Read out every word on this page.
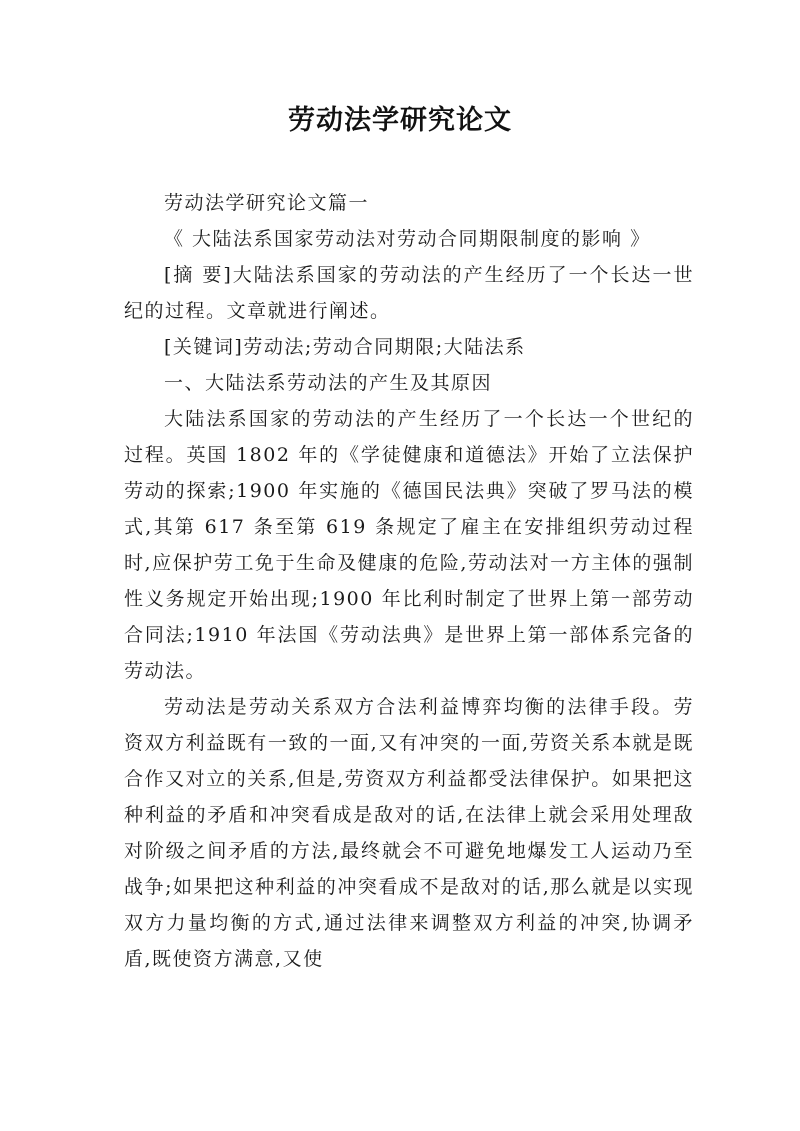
劳动法学研究论文

劳动法学研究论文篇一

《 大陆法系国家劳动法对劳动合同期限制度的影响 》

[摘 要]大陆法系国家的劳动法的产生经历了一个长达一世纪的过程。文章就进行阐述。

[关键词]劳动法;劳动合同期限;大陆法系

一、大陆法系劳动法的产生及其原因

大陆法系国家的劳动法的产生经历了一个长达一个世纪的过程。英国 1802 年的《学徒健康和道德法》开始了立法保护劳动的探索;1900 年实施的《德国民法典》突破了罗马法的模式,其第 617 条至第 619 条规定了雇主在安排组织劳动过程时,应保护劳工免于生命及健康的危险,劳动法对一方主体的强制性义务规定开始出现;1900 年比利时制定了世界上第一部劳动合同法;1910 年法国《劳动法典》是世界上第一部体系完备的劳动法。

劳动法是劳动关系双方合法利益博弈均衡的法律手段。劳资双方利益既有一致的一面,又有冲突的一面,劳资关系本就是既合作又对立的关系,但是,劳资双方利益都受法律保护。如果把这种利益的矛盾和冲突看成是敌对的话,在法律上就会采用处理敌对阶级之间矛盾的方法,最终就会不可避免地爆发工人运动乃至战争;如果把这种利益的冲突看成不是敌对的话,那么就是以实现双方力量均衡的方式,通过法律来调整双方利益的冲突,协调矛盾,既使资方满意,又使
